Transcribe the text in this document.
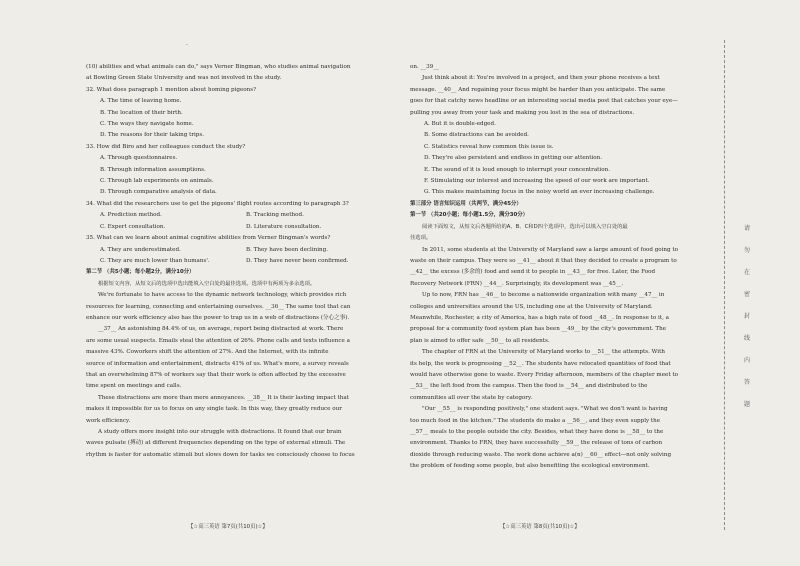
·

(10) abilities and what animals can do," says Verner Bingman, who studies animal navigation

at Bowling Green State University and was not involved in the study.

32. What does paragraph 1 mention about homing pigeons?

A. The time of leaving home.

B. The location of their birth.

C. The ways they navigate home.

D. The reasons for their taking trips.

33. How did Biro and her colleagues conduct the study?

A. Through questionnaires.

B. Through information assumptions.

C. Through lab experiments on animals.

D. Through comparative analysis of data.

34. What did the researchers use to get the pigeons' flight routes according to paragraph 3?

A. Prediction method.	B. Tracking method.
C. Expert consultation.	D. Literature consultation.

35. What can we learn about animal cognitive abilities from Verner Bingman's words?

A. They are underestimated.	B. They have been declining.
C. They are much lower than humans'.	D. They have never been confirmed.

第二节 （共5小题；每小题2分，满分10分）

根据短文内容，从短文后的选项中选出能填入空白处的最佳选项。选项中有两项为多余选项。

We're fortunate to have access to the dynamic network technology, which provides rich

resources for learning, connecting and entertaining ourselves. __36__ The same tool that can

enhance our work efficiency also has the power to trap us in a web of distractions (分心之事).

__37__ An astonishing 84.4% of us, on average, report being distracted at work. There

are some usual suspects. Emails steal the attention of 26%. Phone calls and texts influence a

massive 43%. Coworkers shift the attention of 27%. And the Internet, with its infinite

source of information and entertainment, distracts 41% of us. What's more, a survey reveals

that an overwhelming 87% of workers say that their work is often affected by the excessive

time spent on meetings and calls.

These distractions are more than mere annoyances. __38__ It is their lasting impact that

makes it impossible for us to focus on any single task. In this way, they greatly reduce our

work efficiency.

A study offers more insight into our struggle with distractions. It found that our brain

waves pulsate (搏动) at different frequencies depending on the type of external stimuli. The

rhythm is faster for automatic stimuli but slows down for tasks we consciously choose to focus

【☆高三英语 第7页(共10页)☆】

on. __39__

Just think about it: You're involved in a project, and then your phone receives a text

message. __40__ And regaining your focus might be harder than you anticipate. The same

goes for that catchy news headline or an interesting social media post that catches your eye—

pulling you away from your task and making you lost in the sea of distractions.

A. But it is double-edged.

B. Some distractions can be avoided.

C. Statistics reveal how common this issue is.

D. They're also persistent and endless in getting our attention.

E. The sound of it is loud enough to interrupt your concentration.

F. Stimulating our interest and increasing the speed of our work are important.

G. This makes maintaining focus in the noisy world an ever increasing challenge.

第三部分 语言知识运用（共两节，满分45分）

第一节 （共20小题；每小题1.5分，满分30分）

阅读下面短文，从短文后各题所给的A、B、C和D四个选项中，选出可以填入空白处的最

佳选项。

In 2011, some students at the University of Maryland saw a large amount of food going to

waste on their campus. They were so __41__ about it that they decided to create a program to

__42__ the excess (多余的) food and send it to people in __43__ for free. Later, the Food

Recovery Network (FRN) __44__. Surprisingly, its development was __45__.

Up to now, FRN has __46__ to become a nationwide organization with many __47__ in

colleges and universities around the US, including one at the University of Maryland.

Meanwhile, Rochester, a city of America, has a high rate of food __48__. In response to it, a

proposal for a community food system plan has been __49__ by the city's government. The

plan is aimed to offer safe __50__ to all residents.

The chapter of FRN at the University of Maryland works to __51__ the attempts. With

its help, the work is progressing __52__. The students have relocated quantities of food that

would have otherwise gone to waste. Every Friday afternoon, members of the chapter meet to

__53__ the left food from the campus. Then the food is __54__ and distributed to the

communities all over the state by category.

"Our __55__ is responding positively," one student says. "What we don't want is having

too much food in the kitchen." The students do make a __56__, and they even supply the

__57__ meals to the people outside the city. Besides, what they have done is __58__ to the

environment. Thanks to FRN, they have successfully __59__ the release of tons of carbon

dioxide through reducing waste. The work done achieve a(n) __60__ effect—not only solving

the problem of feeding some people, but also benefiting the ecological environment.

【☆高三英语 第8页(共10页)☆】
请
勿
在
密
封
线
内
答
题
